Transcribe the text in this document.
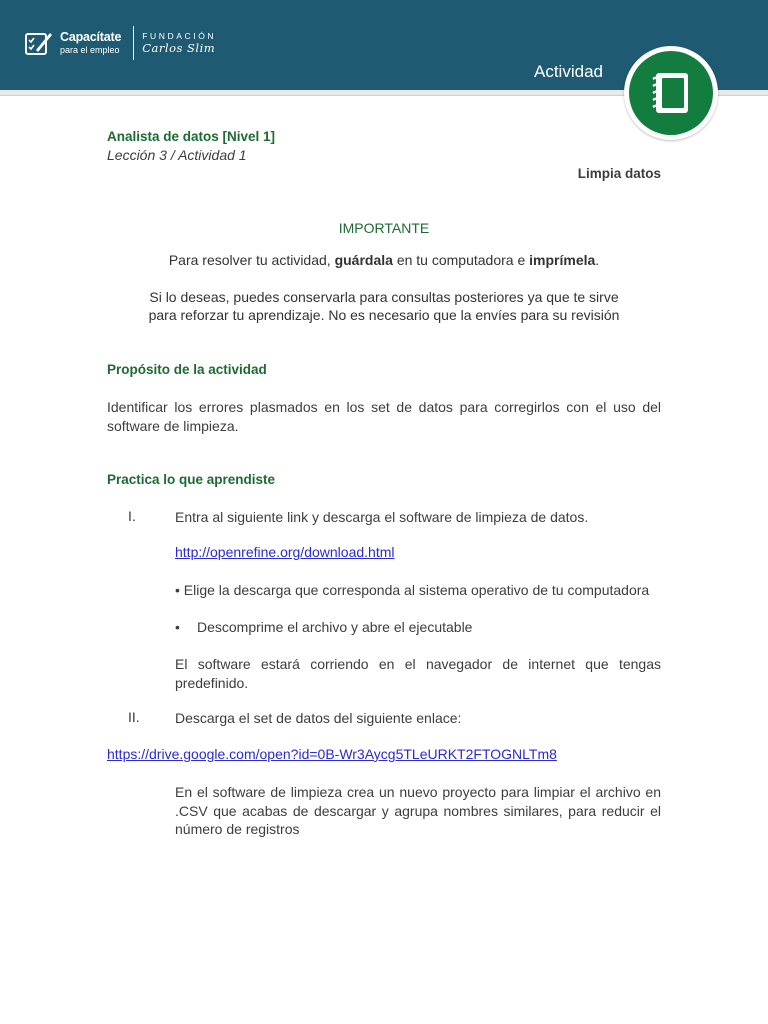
Capacítate
para el empleo
FUNDACIÓN
Carlos Slim
Actividad
Analista de datos [Nivel 1]
Lección 3 / Actividad 1
Limpia datos
IMPORTANTE
Para resolver tu actividad, guárdala en tu computadora e imprímela.
Si lo deseas, puedes conservarla para consultas posteriores ya que te sirve
para reforzar tu aprendizaje. No es necesario que la envíes para su revisión
Propósito de la actividad
Identificar los errores plasmados en los set de datos para corregirlos con el uso del software de limpieza.
Practica lo que aprendiste
I.	Entra al siguiente link y descarga el software de limpieza de datos.
http://openrefine.org/download.html
• Elige la descarga que corresponda al sistema operativo de tu computadora
• Descomprime el archivo y abre el ejecutable
El software estará corriendo en el navegador de internet que tengas predefinido.
II.	Descarga el set de datos del siguiente enlace:
https://drive.google.com/open?id=0B-Wr3Aycg5TLeURKT2FTOGNLTm8
En el software de limpieza crea un nuevo proyecto para limpiar el archivo en .CSV que acabas de descargar y agrupa nombres similares, para reducir el número de registros
